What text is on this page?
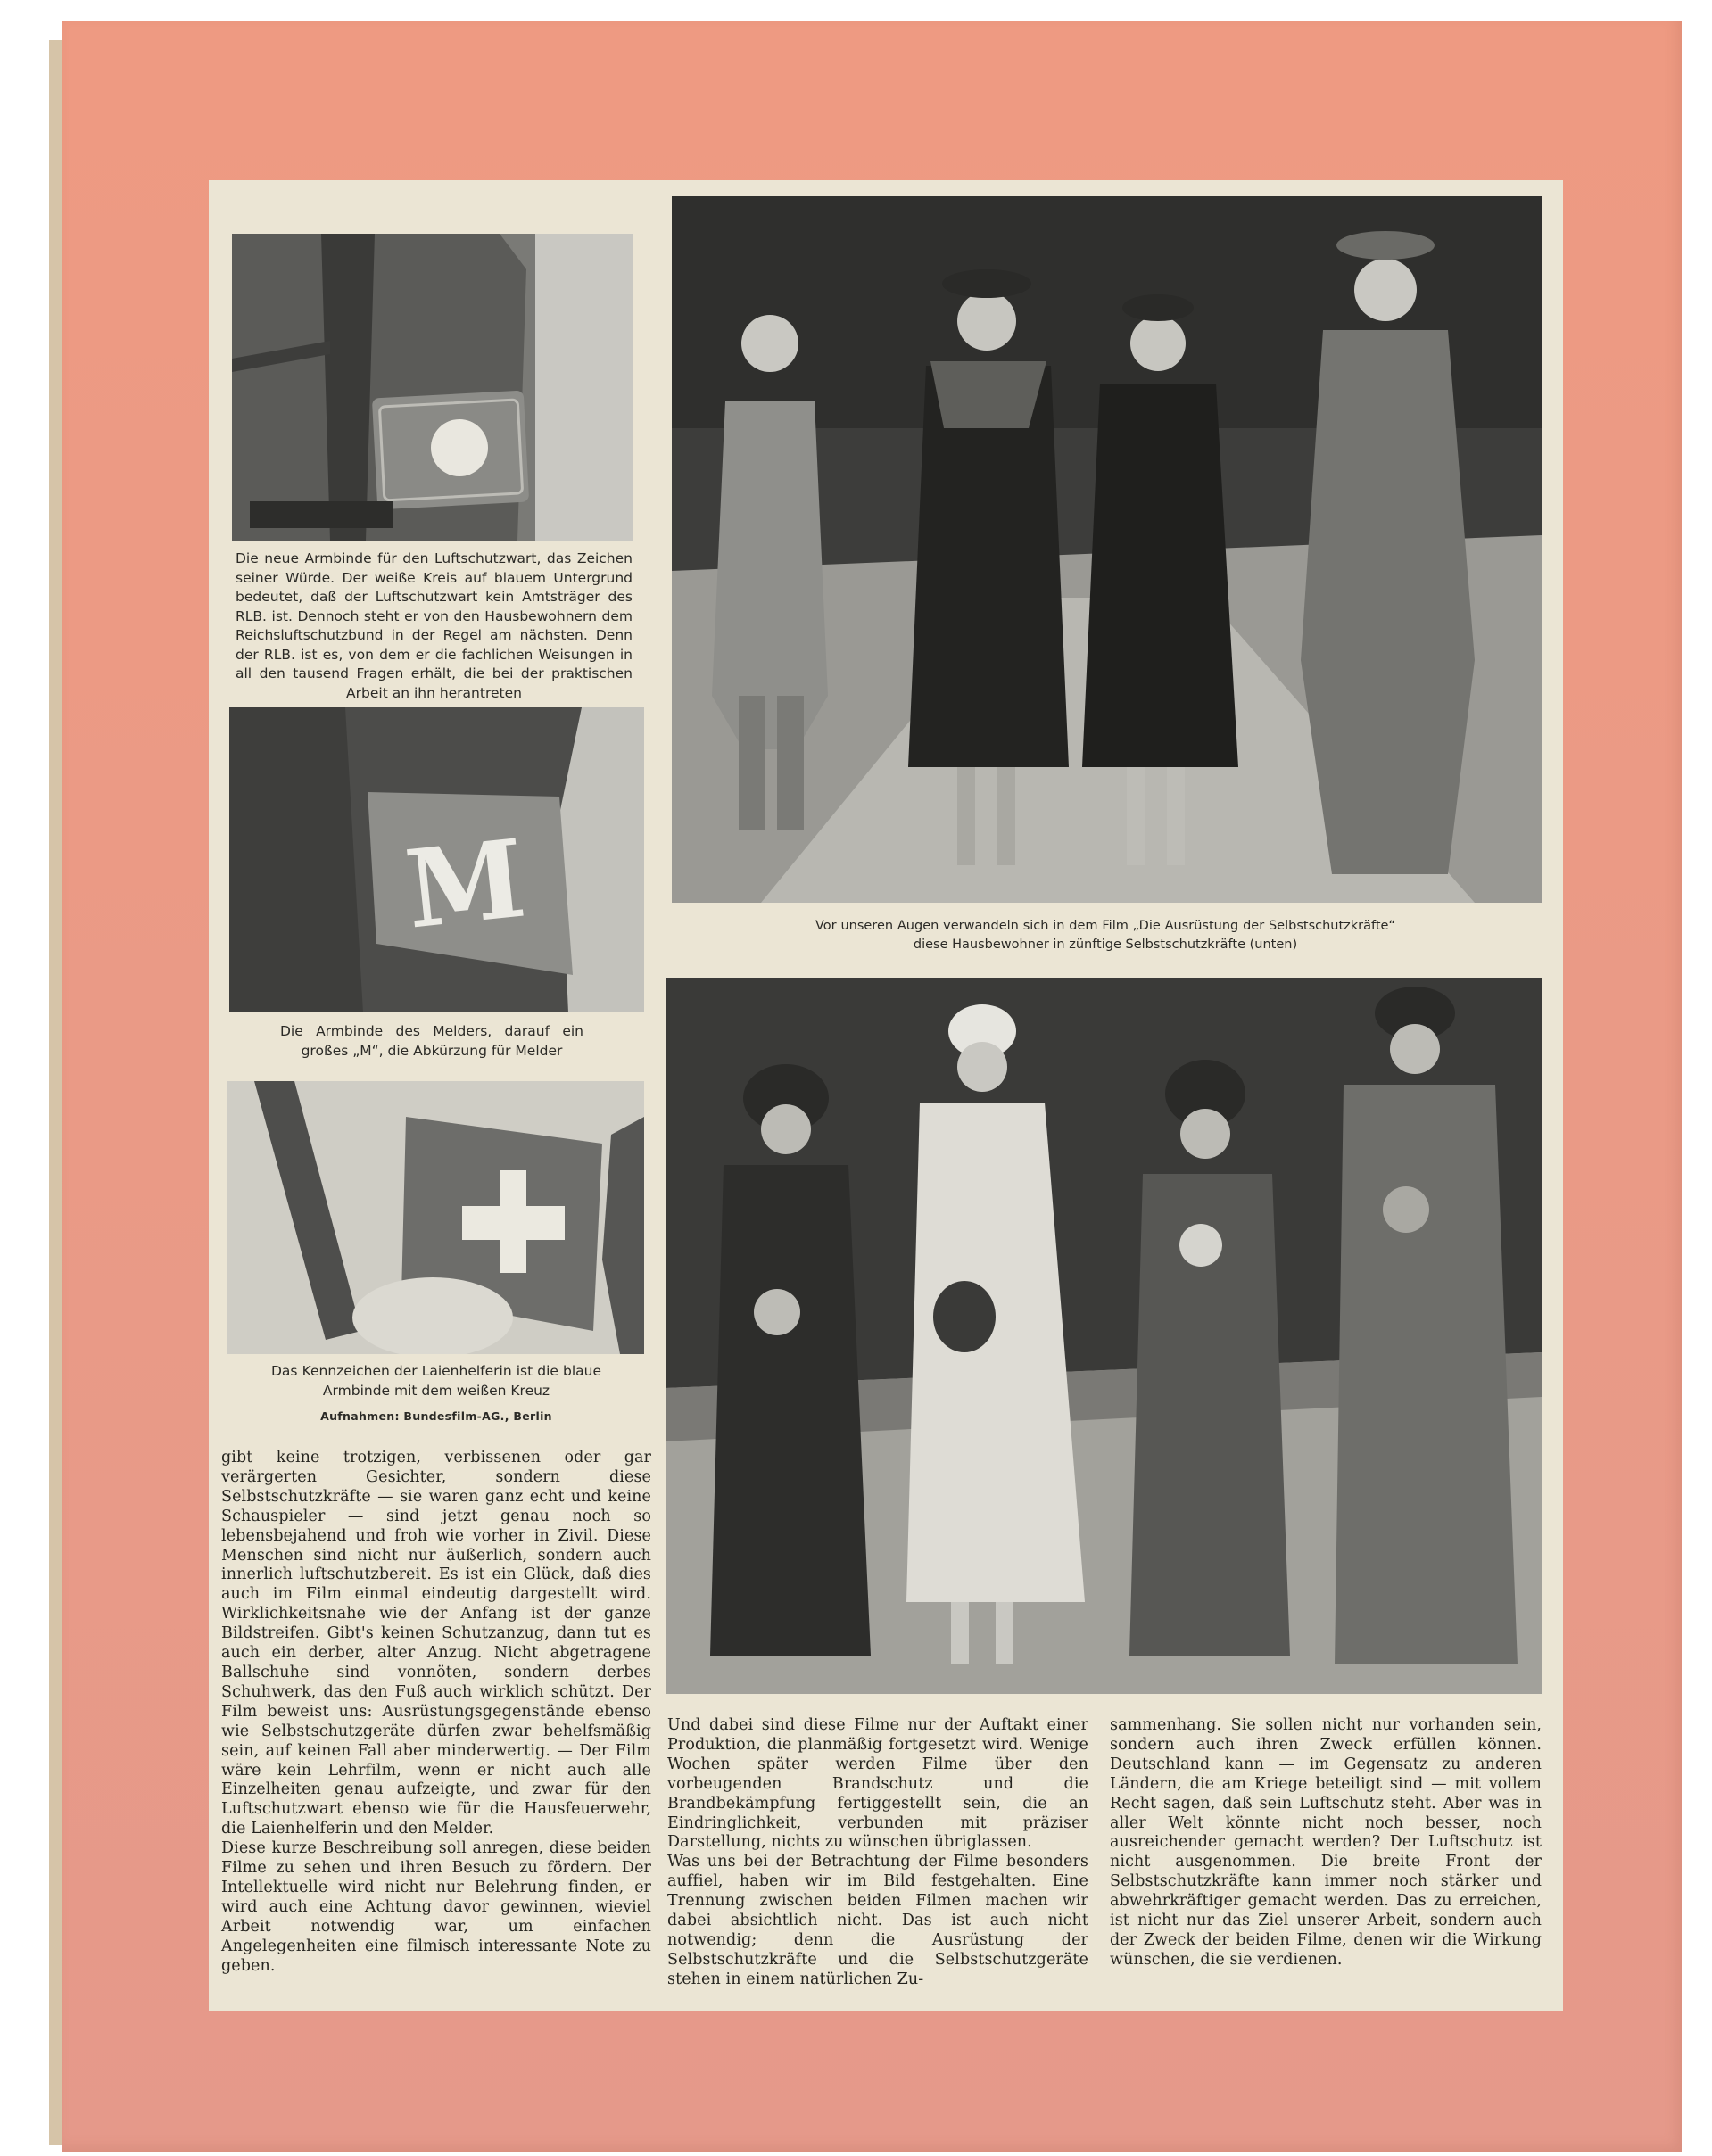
Die neue Armbinde für den Luftschutzwart, das Zeichen seiner Würde. Der weiße Kreis auf blauem Untergrund bedeutet, daß der Luftschutzwart kein Amtsträger des RLB. ist. Dennoch steht er von den Hausbewohnern dem Reichsluftschutzbund in der Regel am nächsten. Denn der RLB. ist es, von dem er die fachlichen Weisungen in all den tausend Fragen erhält, die bei der praktischen Arbeit an ihn herantreten
M
Die Armbinde des Melders, darauf ein großes „M“, die Abkürzung für Melder
Das Kennzeichen der Laienhelferin ist die blaue Armbinde mit dem weißen Kreuz
Aufnahmen: Bundesfilm-AG., Berlin
Vor unseren Augen verwandeln sich in dem Film „Die Ausrüstung der Selbstschutzkräfte“ diese Hausbewohner in zünftige Selbstschutzkräfte (unten)

gibt keine trotzigen, verbissenen oder gar verärgerten Gesichter, sondern diese Selbstschutzkräfte — sie waren ganz echt und keine Schauspieler — sind jetzt genau noch so lebensbejahend und froh wie vorher in Zivil. Diese Menschen sind nicht nur äußerlich, sondern auch innerlich luftschutzbereit. Es ist ein Glück, daß dies auch im Film einmal eindeutig dargestellt wird. Wirklichkeitsnahe wie der Anfang ist der ganze Bildstreifen. Gibt's keinen Schutzanzug, dann tut es auch ein derber, alter Anzug. Nicht abgetragene Ballschuhe sind vonnöten, sondern derbes Schuhwerk, das den Fuß auch wirklich schützt. Der Film beweist uns: Ausrüstungsgegenstände ebenso wie Selbstschutzgeräte dürfen zwar behelfsmäßig sein, auf keinen Fall aber minderwertig. — Der Film wäre kein Lehrfilm, wenn er nicht auch alle Einzelheiten genau aufzeigte, und zwar für den Luftschutzwart ebenso wie für die Hausfeuerwehr, die Laienhelferin und den Melder.

Diese kurze Beschreibung soll anregen, diese beiden Filme zu sehen und ihren Besuch zu fördern. Der Intellektuelle wird nicht nur Belehrung finden, er wird auch eine Achtung davor gewinnen, wieviel Arbeit notwendig war, um einfachen Angelegenheiten eine filmisch interessante Note zu geben.

Und dabei sind diese Filme nur der Auftakt einer Produktion, die planmäßig fortgesetzt wird. Wenige Wochen später werden Filme über den vorbeugenden Brandschutz und die Brandbekämpfung fertiggestellt sein, die an Eindringlichkeit, verbunden mit präziser Darstellung, nichts zu wünschen übriglassen.

Was uns bei der Betrachtung der Filme besonders auffiel, haben wir im Bild festgehalten. Eine Trennung zwischen beiden Filmen machen wir dabei absichtlich nicht. Das ist auch nicht notwendig; denn die Ausrüstung der Selbstschutzkräfte und die Selbstschutzgeräte stehen in einem natürlichen Zu-

sammenhang. Sie sollen nicht nur vorhanden sein, sondern auch ihren Zweck erfüllen können. Deutschland kann — im Gegensatz zu anderen Ländern, die am Kriege beteiligt sind — mit vollem Recht sagen, daß sein Luftschutz steht. Aber was in aller Welt könnte nicht noch besser, noch ausreichender gemacht werden? Der Luftschutz ist nicht ausgenommen. Die breite Front der Selbstschutzkräfte kann immer noch stärker und abwehrkräftiger gemacht werden. Das zu erreichen, ist nicht nur das Ziel unserer Arbeit, sondern auch der Zweck der beiden Filme, denen wir die Wirkung wünschen, die sie verdienen.
